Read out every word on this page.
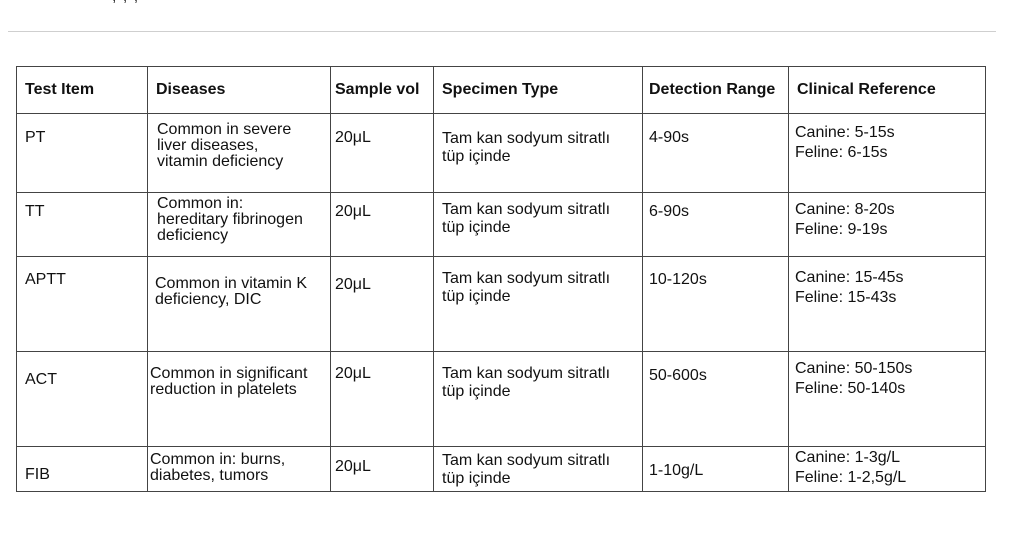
Test Item	Diseases	Sample vol	Specimen Type	Detection Range	Clinical Reference

PT	Common in severe
liver diseases,
vitamin deficiency	20μL	Tam kan sodyum sitratlı
tüp içinde	4-90s	Canine: 5-15s
Feline: 6-15s

TT	Common in:
hereditary fibrinogen
deficiency	20μL	Tam kan sodyum sitratlı
tüp içinde	6-90s	Canine: 8-20s
Feline: 9-19s

APTT	Common in vitamin K
deficiency, DIC	20μL	Tam kan sodyum sitratlı
tüp içinde	10-120s	Canine: 15-45s
Feline: 15-43s

ACT	Common in significant
reduction in platelets	20μL	Tam kan sodyum sitratlı
tüp içinde	50-600s	Canine: 50-150s
Feline: 50-140s

FIB	Common in: burns,
diabetes, tumors	20μL	Tam kan sodyum sitratlı
tüp içinde	1-10g/L	Canine: 1-3g/L
Feline: 1-2,5g/L
